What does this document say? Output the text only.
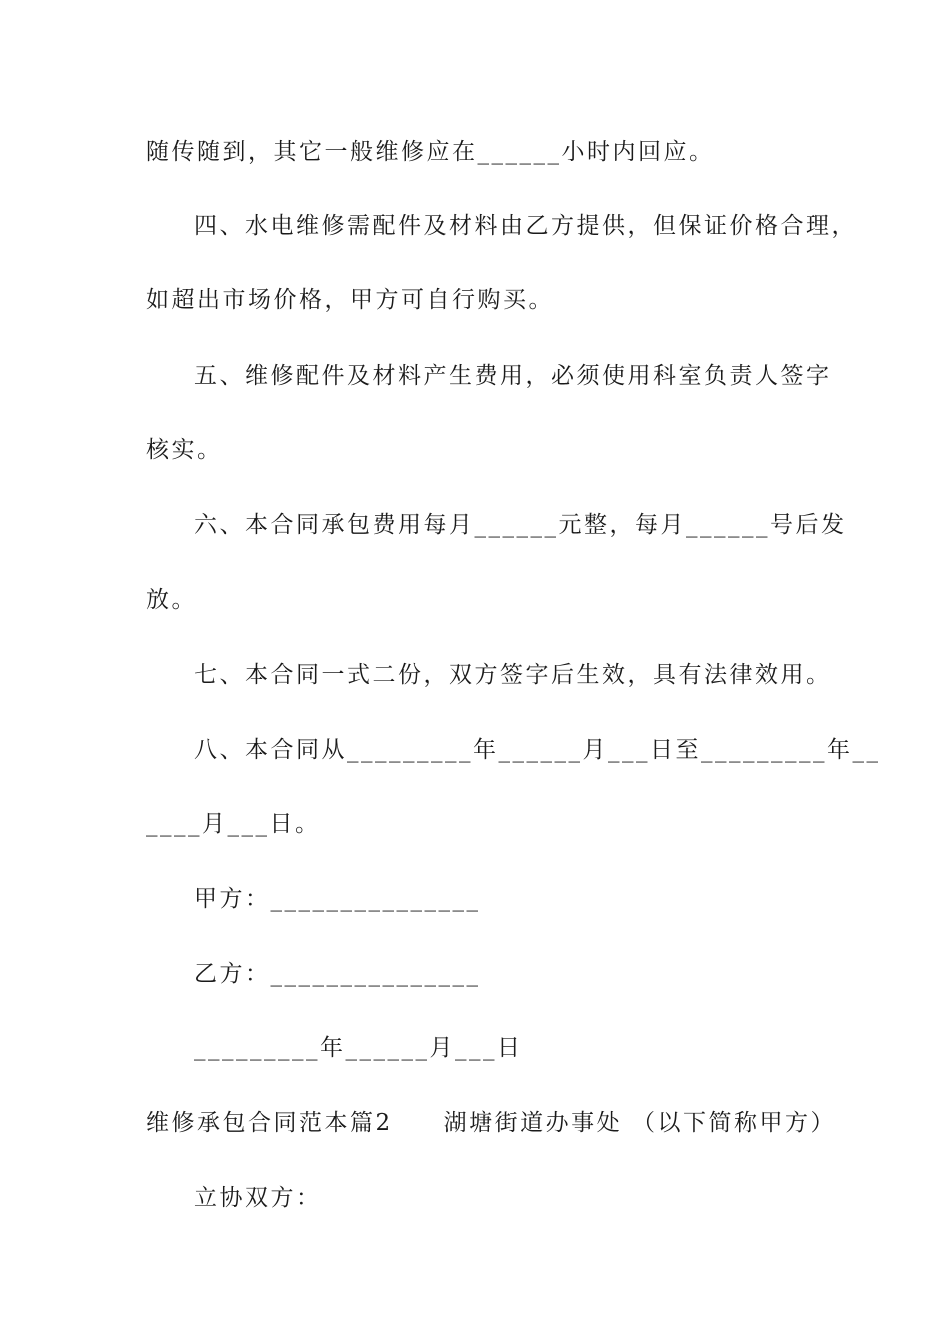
随传随到，其它一般维修应在______小时内回应。
四、水电维修需配件及材料由乙方提供，但保证价格合理，
如超出市场价格，甲方可自行购买。
五、维修配件及材料产生费用，必须使用科室负责人签字
核实。
六、本合同承包费用每月______元整，每月______号后发
放。
七、本合同一式二份，双方签字后生效，具有法律效用。
八、本合同从_________年______月___日至_________年__
____月___日。
甲方：_______________
乙方：_______________
_________年______月___日
维修承包合同范本篇2　　湖塘街道办事处 （以下简称甲方）
立协双方：
